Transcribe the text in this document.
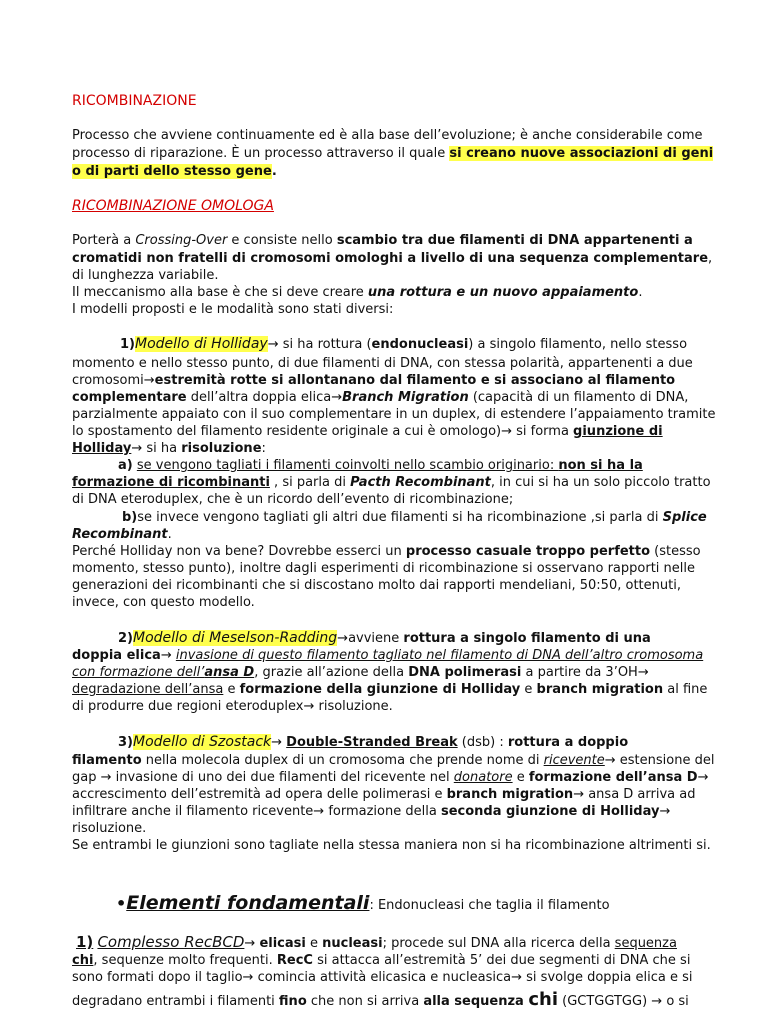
RICOMBINAZIONE
Processo che avviene continuamente ed è alla base dell’evoluzione; è anche considerabile come
processo di riparazione. È un processo attraverso il quale si creano nuove associazioni di geni
o di parti dello stesso gene.
RICOMBINAZIONE OMOLOGA
Porterà a Crossing-Over e consiste nello scambio tra due filamenti di DNA appartenenti a
cromatidi non fratelli di cromosomi omologhi a livello di una sequenza complementare,
di lunghezza variabile.
Il meccanismo alla base è che si deve creare una rottura e un nuovo appaiamento.
I modelli proposti e le modalità sono stati diversi:
1)Modello di Holliday→ si ha rottura (endonucleasi) a singolo filamento, nello stesso
momento e nello stesso punto, di due filamenti di DNA, con stessa polarità, appartenenti a due
cromosomi→estremità rotte si allontanano dal filamento e si associano al filamento
complementare dell’altra doppia elica→Branch Migration (capacità di un filamento di DNA,
parzialmente appaiato con il suo complementare in un duplex, di estendere l’appaiamento tramite
lo spostamento del filamento residente originale a cui è omologo)→ si forma giunzione di
Holliday→ si ha risoluzione:
a) se vengono tagliati i filamenti coinvolti nello scambio originario: non si ha la
formazione di ricombinanti , si parla di Pacth Recombinant, in cui si ha un solo piccolo tratto
di DNA eteroduplex, che è un ricordo dell’evento di ricombinazione;
b)se invece vengono tagliati gli altri due filamenti si ha ricombinazione ,si parla di Splice
Recombinant.
Perché Holliday non va bene? Dovrebbe esserci un processo casuale troppo perfetto (stesso
momento, stesso punto), inoltre dagli esperimenti di ricombinazione si osservano rapporti nelle
generazioni dei ricombinanti che si discostano molto dai rapporti mendeliani, 50:50, ottenuti,
invece, con questo modello.
2)Modello di Meselson-Radding→avviene rottura a singolo filamento di una
doppia elica→ invasione di questo filamento tagliato nel filamento di DNA dell’altro cromosoma
con formazione dell’ansa D, grazie all’azione della DNA polimerasi a partire da 3’OH→
degradazione dell’ansa e formazione della giunzione di Holliday e branch migration al fine
di produrre due regioni eteroduplex→ risoluzione.
3)Modello di Szostack→ Double-Stranded Break (dsb) : rottura a doppio
filamento nella molecola duplex di un cromosoma che prende nome di ricevente→ estensione del
gap → invasione di uno dei due filamenti del ricevente nel donatore e formazione dell’ansa D→
accrescimento dell’estremità ad opera delle polimerasi e branch migration→ ansa D arriva ad
infiltrare anche il filamento ricevente→ formazione della seconda giunzione di Holliday→
risoluzione.
Se entrambi le giunzioni sono tagliate nella stessa maniera non si ha ricombinazione altrimenti si.
•Elementi fondamentali: Endonucleasi che taglia il filamento
1) Complesso RecBCD→ elicasi e nucleasi; procede sul DNA alla ricerca della sequenza
chi, sequenze molto frequenti. RecC si attacca all’estremità 5’ dei due segmenti di DNA che si
sono formati dopo il taglio→ comincia attività elicasica e nucleasica→ si svolge doppia elica e si
degradano entrambi i filamenti fino che non si arriva alla sequenza chi (GCTGGTGG) → o si
